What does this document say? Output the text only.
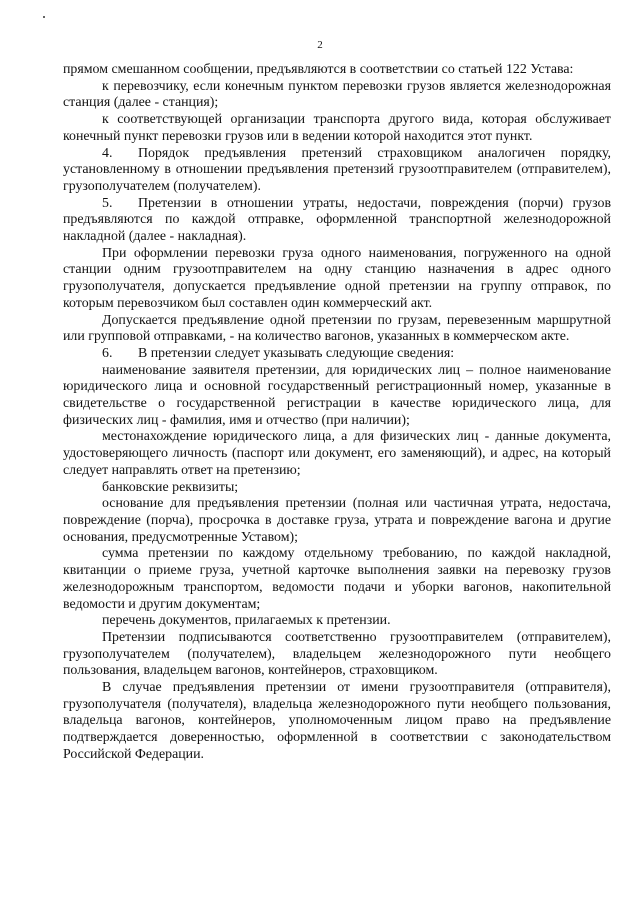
2

прямом смешанном сообщении, предъявляются в соответствии со статьей 122 Устава:

к перевозчику, если конечным пунктом перевозки грузов является железнодорожная станция (далее - станция);

к соответствующей организации транспорта другого вида, которая обслуживает конечный пункт перевозки грузов или в ведении которой находится этот пункт.

4. Порядок предъявления претензий страховщиком аналогичен порядку, установленному в отношении предъявления претензий грузоотправителем (отправителем), грузополучателем (получателем).

5. Претензии в отношении утраты, недостачи, повреждения (порчи) грузов предъявляются по каждой отправке, оформленной транспортной железнодорожной накладной (далее - накладная).

При оформлении перевозки груза одного наименования, погруженного на одной станции одним грузоотправителем на одну станцию назначения в адрес одного грузополучателя, допускается предъявление одной претензии на группу отправок, по которым перевозчиком был составлен один коммерческий акт.

Допускается предъявление одной претензии по грузам, перевезенным маршрутной или групповой отправками, - на количество вагонов, указанных в коммерческом акте.

6. В претензии следует указывать следующие сведения:

наименование заявителя претензии, для юридических лиц – полное наименование юридического лица и основной государственный регистрационный номер, указанные в свидетельстве о государственной регистрации в качестве юридического лица, для физических лиц - фамилия, имя и отчество (при наличии);

местонахождение юридического лица, а для физических лиц - данные документа, удостоверяющего личность (паспорт или документ, его заменяющий), и адрес, на который следует направлять ответ на претензию;

банковские реквизиты;

основание для предъявления претензии (полная или частичная утрата, недостача, повреждение (порча), просрочка в доставке груза, утрата и повреждение вагона и другие основания, предусмотренные Уставом);

сумма претензии по каждому отдельному требованию, по каждой накладной, квитанции о приеме груза, учетной карточке выполнения заявки на перевозку грузов железнодорожным транспортом, ведомости подачи и уборки вагонов, накопительной ведомости и другим документам;

перечень документов, прилагаемых к претензии.

Претензии подписываются соответственно грузоотправителем (отправителем), грузополучателем (получателем), владельцем железнодорожного пути необщего пользования, владельцем вагонов, контейнеров, страховщиком.

В случае предъявления претензии от имени грузоотправителя (отправителя), грузополучателя (получателя), владельца железнодорожного пути необщего пользования, владельца вагонов, контейнеров, уполномоченным лицом право на предъявление подтверждается доверенностью, оформленной в соответствии с законодательством Российской Федерации.
